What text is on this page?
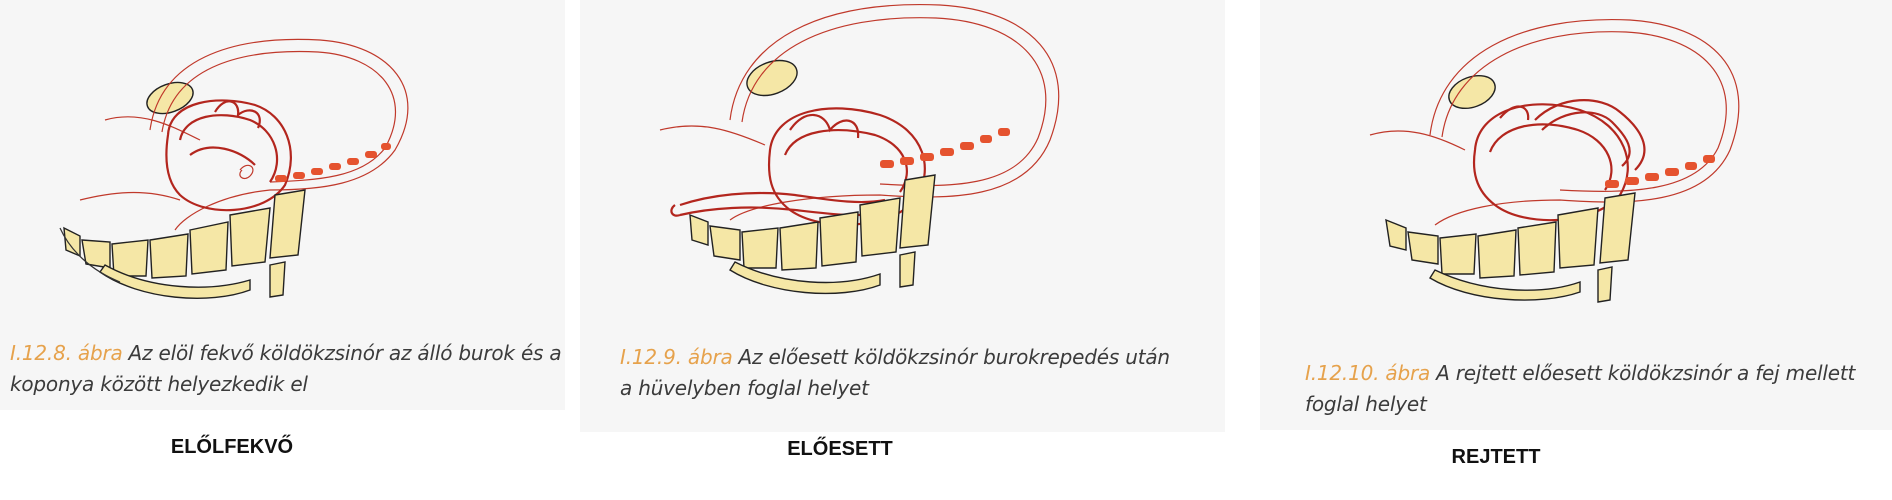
I.12.8. ábra Az elöl fekvő köldökzsinór az álló burok és a
koponya között helyezkedik el
ELŐLFEKVŐ
I.12.9. ábra Az előesett köldökzsinór burokrepedés után
a hüvelyben foglal helyet
ELŐESETT
I.12.10. ábra A rejtett előesett köldökzsinór a fej mellett
foglal helyet
REJTETT
